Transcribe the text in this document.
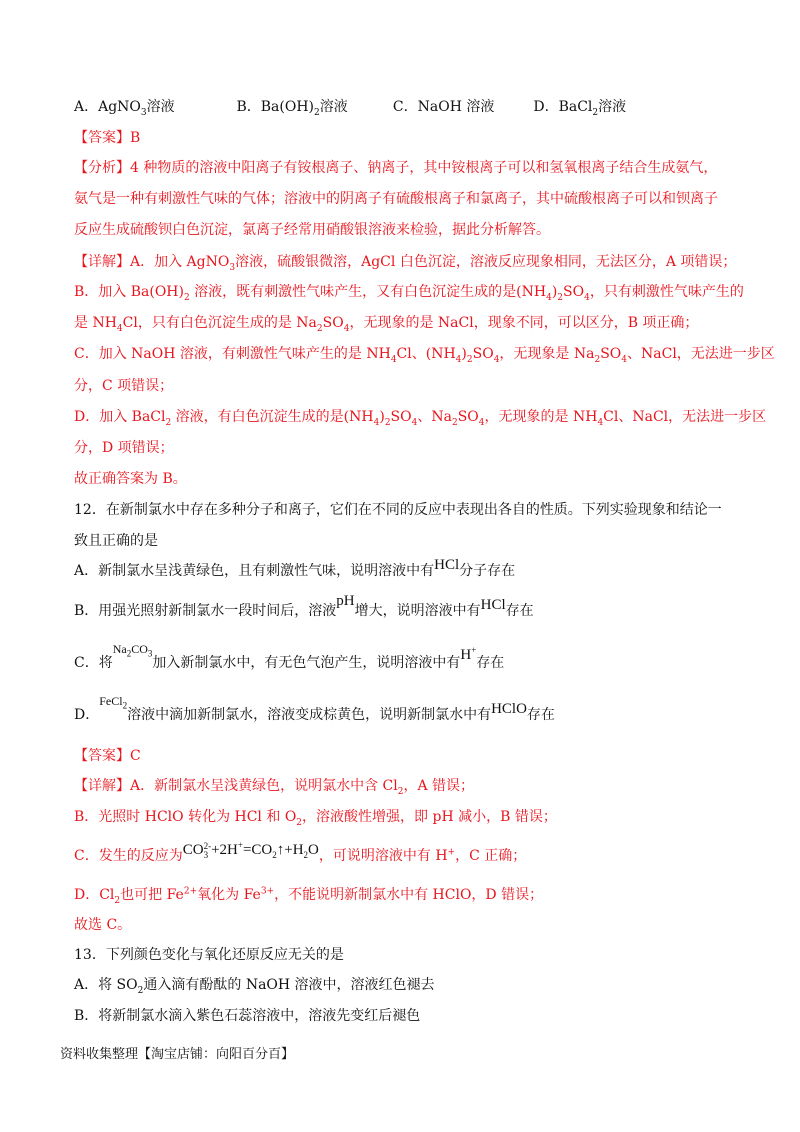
A．AgNO$_3$溶液	B．$Ba(OH)_2$溶液	C．NaOH 溶液	D．BaCl$_2$溶液
【答案】B
【分析】4 种物质的溶液中阳离子有铵根离子、钠离子，其中铵根离子可以和氢氧根离子结合生成氨气，
氨气是一种有刺激性气味的气体；溶液中的阴离子有硫酸根离子和氯离子，其中硫酸根离子可以和钡离子
反应生成硫酸钡白色沉淀，氯离子经常用硝酸银溶液来检验，据此分析解答。
【详解】A．加入 AgNO$_3$溶液，硫酸银微溶，AgCl 白色沉淀，溶液反应现象相同，无法区分，A 项错误；
B．加入 $Ba(OH)_2$ 溶液，既有刺激性气味产生，又有白色沉淀生成的是$(NH_4)_2SO_4$，只有刺激性气味产生的
是 $NH_4Cl$，只有白色沉淀生成的是 $Na_2SO_4$，无现象的是 NaCl，现象不同，可以区分，B 项正确；
C．加入 NaOH 溶液，有刺激性气味产生的是 $NH_4Cl$、$(NH_4)_2SO_4$，无现象是 $Na_2SO_4$、NaCl，无法进一步区
分，C 项错误；
D．加入 BaCl$_2$ 溶液，有白色沉淀生成的是$(NH_4)_2SO_4$、$Na_2SO_4$，无现象的是 $NH_4Cl$、NaCl，无法进一步区
分，D 项错误；
故正确答案为 B。
12．在新制氯水中存在多种分子和离子，它们在不同的反应中表现出各自的性质。下列实验现象和结论一
致且正确的是
A．新制氯水呈浅黄绿色，且有刺激性气味，说明溶液中有HCl分子存在
B．用强光照射新制氯水一段时间后，溶液pH增大，说明溶液中有HCl存在
C．将$Na_2CO_3$加入新制氯水中，有无色气泡产生，说明溶液中有H+存在
D．FeCl$_2$溶液中滴加新制氯水，溶液变成棕黄色，说明新制氯水中有HClO存在
【答案】C
【详解】A．新制氯水呈浅黄绿色，说明氯水中含 $Cl_2$，A 错误；
B．光照时 HClO 转化为 HCl 和 $O_2$，溶液酸性增强，即 pH 减小，B 错误；
C．发生的反应为CO 2-
$3 +2H^+=CO_2↑+H_2O$，可说明溶液中有 H+，C 正确；
D．$Cl_2$也可把 $Fe^{2+}$氧化为 $Fe^{3+}$，不能说明新制氯水中有 HClO，D 错误；
故选 C。
13．下列颜色变化与氧化还原反应无关的是
A．将 $SO_2$通入滴有酚酞的 NaOH 溶液中，溶液红色褪去
B．将新制氯水滴入紫色石蕊溶液中，溶液先变红后褪色
资料收集整理【淘宝店铺：向阳百分百】
